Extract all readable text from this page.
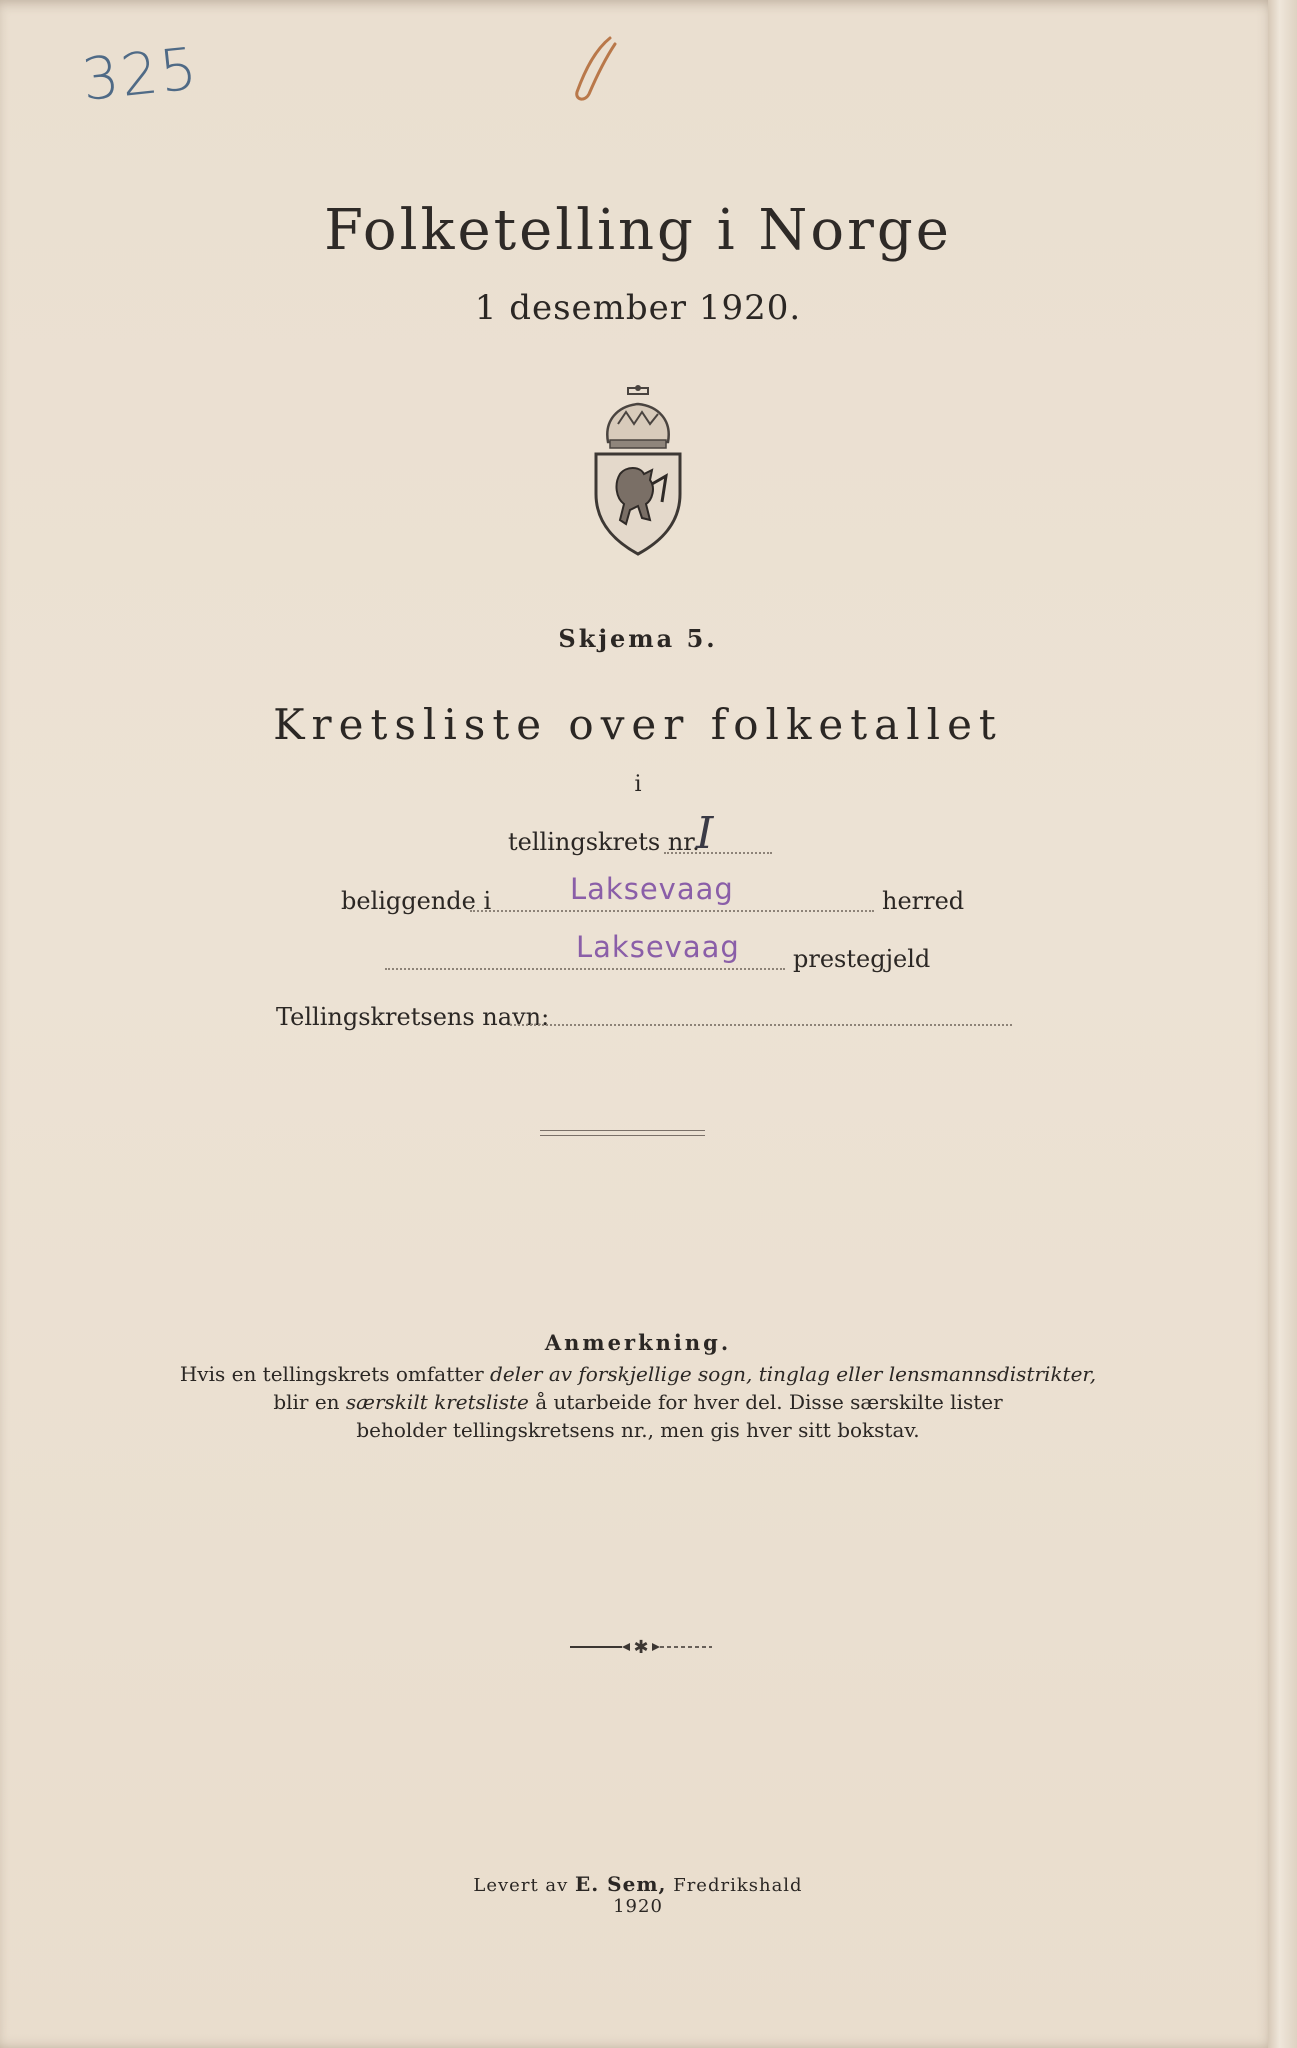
325
Folketelling i Norge
1 desember 1920.
Skjema 5.
Kretsliste over folketallet
i
tellingskrets nr.
I
beliggende i	Laksevaag	herred
Laksevaag prestegjeld
Tellingskretsens navn:
Anmerkning.
Hvis en tellingskrets omfatter deler av forskjellige sogn, tinglag eller lensmannsdistrikter,
blir en særskilt kretsliste å utarbeide for hver del. Disse særskilte lister
beholder tellingskretsens nr., men gis hver sitt bokstav.
✱
Levert av E. Sem, Fredrikshald
1920
